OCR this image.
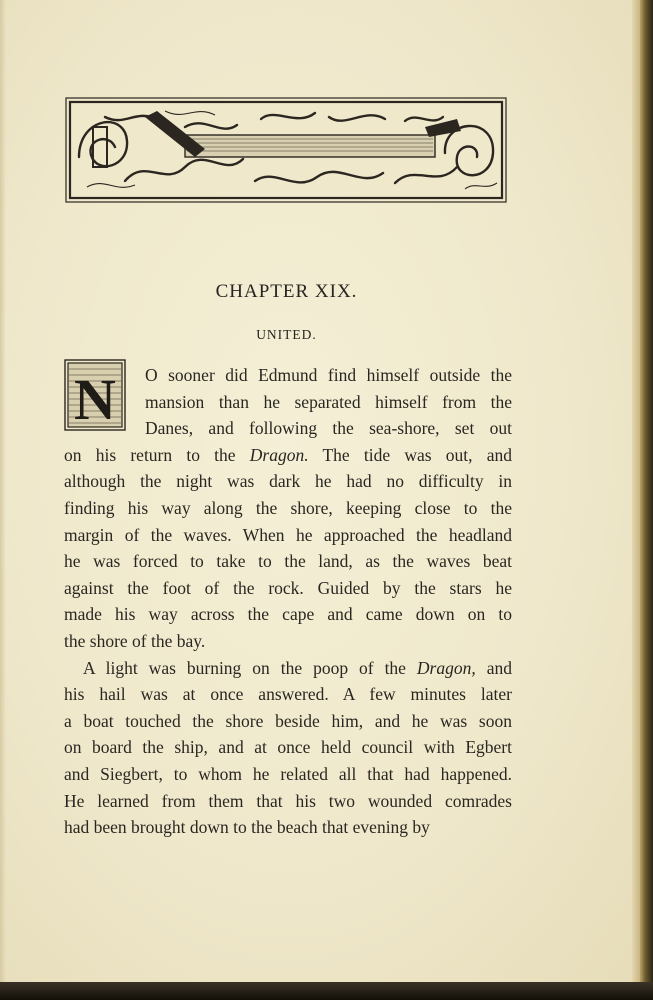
CHAPTER XIX.
UNITED.
N O sooner did Edmund find himself outside the

mansion than he separated himself from the

Danes, and following the sea-shore, set out

on his return to the Dragon. The tide was out, and

although the night was dark he had no difficulty in

finding his way along the shore, keeping close to the

margin of the waves. When he approached the headland

he was forced to take to the land, as the waves beat

against the foot of the rock. Guided by the stars he

made his way across the cape and came down on to

the shore of the bay.

A light was burning on the poop of the Dragon, and

his hail was at once answered. A few minutes later

a boat touched the shore beside him, and he was soon

on board the ship, and at once held council with Egbert

and Siegbert, to whom he related all that had happened.

He learned from them that his two wounded comrades

had been brought down to the beach that evening by
